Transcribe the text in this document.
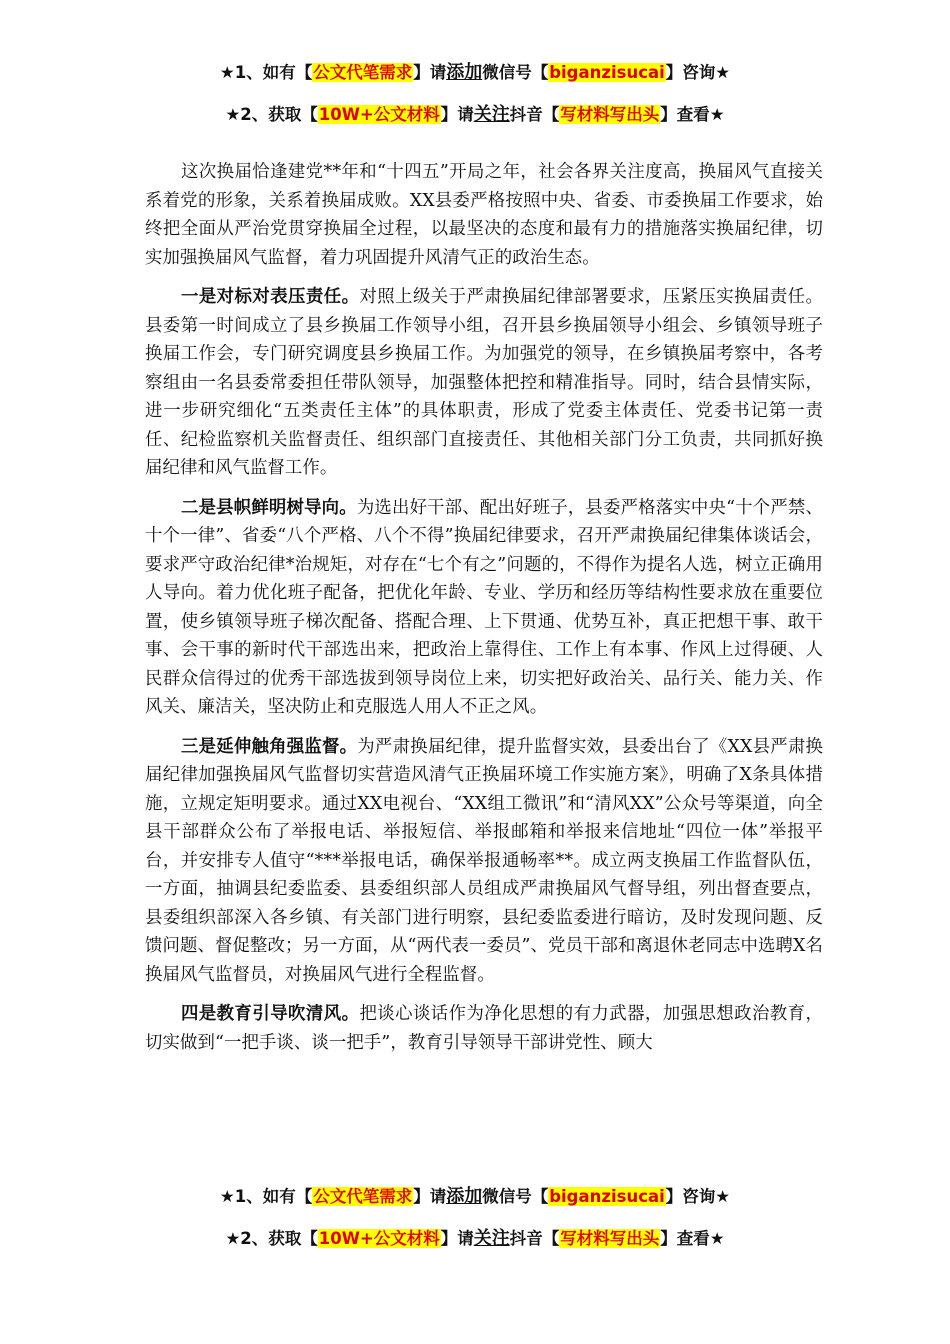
★1、如有【公文代笔需求】请添加微信号【biganzisucai】咨询★
★2、获取【10W+公文材料】请关注抖音【写材料写出头】查看★

这次换届恰逢建党**年和“十四五”开局之年，社会各界关注度高，换届风气直接关系着党的形象，关系着换届成败。XX县委严格按照中央、省委、市委换届工作要求，始终把全面从严治党贯穿换届全过程，以最坚决的态度和最有力的措施落实换届纪律，切实加强换届风气监督，着力巩固提升风清气正的政治生态。

一是对标对表压责任。对照上级关于严肃换届纪律部署要求，压紧压实换届责任。县委第一时间成立了县乡换届工作领导小组，召开县乡换届领导小组会、乡镇领导班子换届工作会，专门研究调度县乡换届工作。为加强党的领导，在乡镇换届考察中，各考察组由一名县委常委担任带队领导，加强整体把控和精准指导。同时，结合县情实际，进一步研究细化“五类责任主体”的具体职责，形成了党委主体责任、党委书记第一责任、纪检监察机关监督责任、组织部门直接责任、其他相关部门分工负责，共同抓好换届纪律和风气监督工作。

二是县帜鲜明树导向。为选出好干部、配出好班子，县委严格落实中央“十个严禁、十个一律”、省委“八个严格、八个不得”换届纪律要求，召开严肃换届纪律集体谈话会，要求严守政治纪律*治规矩，对存在“七个有之”问题的，不得作为提名人选，树立正确用人导向。着力优化班子配备，把优化年龄、专业、学历和经历等结构性要求放在重要位置，使乡镇领导班子梯次配备、搭配合理、上下贯通、优势互补，真正把想干事、敢干事、会干事的新时代干部选出来，把政治上靠得住、工作上有本事、作风上过得硬、人民群众信得过的优秀干部选拔到领导岗位上来，切实把好政治关、品行关、能力关、作风关、廉洁关，坚决防止和克服选人用人不正之风。

三是延伸触角强监督。为严肃换届纪律，提升监督实效，县委出台了《XX县严肃换届纪律加强换届风气监督切实营造风清气正换届环境工作实施方案》，明确了X条具体措施，立规定矩明要求。通过XX电视台、“XX组工微讯”和“清风XX”公众号等渠道，向全县干部群众公布了举报电话、举报短信、举报邮箱和举报来信地址“四位一体”举报平台，并安排专人值守“***举报电话，确保举报通畅率**。成立两支换届工作监督队伍，一方面，抽调县纪委监委、县委组织部人员组成严肃换届风气督导组，列出督查要点，县委组织部深入各乡镇、有关部门进行明察，县纪委监委进行暗访，及时发现问题、反馈问题、督促整改；另一方面，从“两代表一委员”、党员干部和离退休老同志中选聘X名换届风气监督员，对换届风气进行全程监督。

四是教育引导吹清风。把谈心谈话作为净化思想的有力武器，加强思想政治教育，切实做到“一把手谈、谈一把手”，教育引导领导干部讲党性、顾大

★1、如有【公文代笔需求】请添加微信号【biganzisucai】咨询★
★2、获取【10W+公文材料】请关注抖音【写材料写出头】查看★
